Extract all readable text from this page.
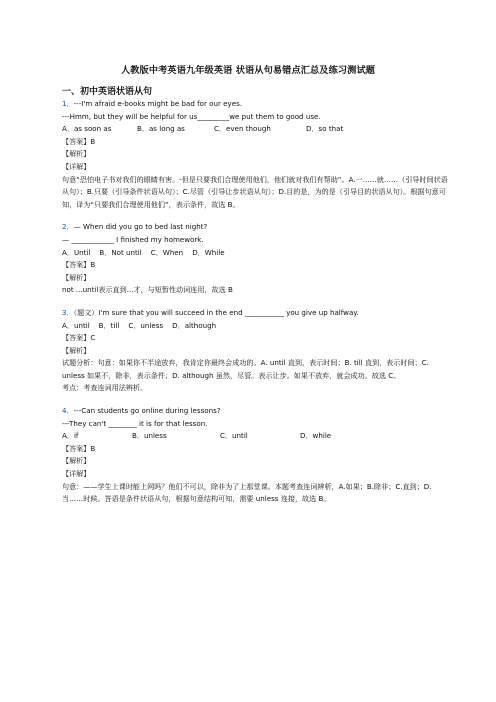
人教版中考英语九年级英语 状语从句易错点汇总及练习测试题
一、初中英语状语从句
1．---I'm afraid e-books might be bad for our eyes.
---Hmm, but they will be helpful for us_________we put them to good use.
A．as soon as	B．as long as	C．even though	D．so that
【答案】B
【解析】
【详解】
句意“恐怕电子书对我们的眼睛有害。-但是只要我们合理使用他们，他们就对我们有帮助”。A.一……就……（引导时间状语从句）；B.只要（引导条件状语从句）；C.尽管（引导让步状语从句）；D.目的是，为的是（引导目的状语从句）。根据句意可知，译为“只要我们合理使用他们”，表示条件，故选 B。
2．— When did you go to bed last night?
— ____________ I finished my homework.
A．Until    B．Not until    C．When    D．While
【答案】B
【解析】
not ...until表示直到...才，与短暂性动词连用，故选 B
3．（题文）I'm sure that you will succeed in the end ___________ you give up halfway.
A．until    B．till    C．unless    D．although
【答案】C
【解析】
试题分析：句意：如果你不半途放弃，我肯定你最终会成功的。A. until 直到，表示时间；B. till 直到，表示时间；C. unless 如果不，除非，表示条件；D. although 虽然，尽管。表示让步。如果不放弃，就会成功。故选 C。
考点：考查连词用法辨析。
4．---Can students go online during lessons?
---They can't ________ it is for that lesson.
A．if	B．unless	C．until	D．while
【答案】B
【解析】
【详解】
句意：——学生上课时能上网吗？他们不可以，除非为了上那堂课。本题考查连词辨析，A.如果；B.除非；C.直到；D.当……时候。答语是条件状语从句，根据句意结构可知，需要 unless 连接，故选 B。
